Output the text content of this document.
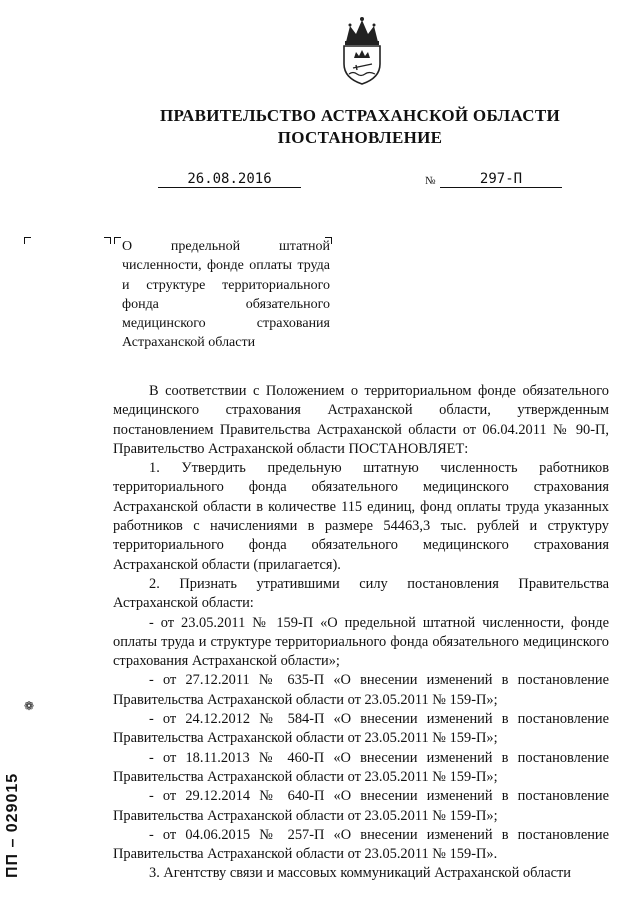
ПРАВИТЕЛЬСТВО АСТРАХАНСКОЙ ОБЛАСТИ
ПОСТАНОВЛЕНИЕ
26.08.2016	№	297-П

О предельной штатной численности, фонде оплаты труда и структуре территориального фонда обязательного медицинского страхования Астраханской области

В соответствии с Положением о территориальном фонде обязательного медицинского страхования Астраханской области, утвержденным постановлением Правительства Астраханской области от 06.04.2011 № 90-П, Правительство Астраханской области ПОСТАНОВЛЯЕТ:

1. Утвердить предельную штатную численность работников территориального фонда обязательного медицинского страхования Астраханской области в количестве 115 единиц, фонд оплаты труда указанных работников с начислениями в размере 54463,3 тыс. рублей и структуру территориального фонда обязательного медицинского страхования Астраханской области (прилагается).

2. Признать утратившими силу постановления Правительства Астраханской области:

- от 23.05.2011 № 159-П «О предельной штатной численности, фонде оплаты труда и структуре территориального фонда обязательного медицинского страхования Астраханской области»;

- от 27.12.2011 № 635-П «О внесении изменений в постановление Правительства Астраханской области от 23.05.2011 № 159-П»;

- от 24.12.2012 № 584-П «О внесении изменений в постановление Правительства Астраханской области от 23.05.2011 № 159-П»;

- от 18.11.2013 № 460-П «О внесении изменений в постановление Правительства Астраханской области от 23.05.2011 № 159-П»;

- от 29.12.2014 № 640-П «О внесении изменений в постановление Правительства Астраханской области от 23.05.2011 № 159-П»;

- от 04.06.2015 № 257-П «О внесении изменений в постановление Правительства Астраханской области от 23.05.2011 № 159-П».

3. Агентству связи и массовых коммуникаций Астраханской области

ПП – 029015
❁
